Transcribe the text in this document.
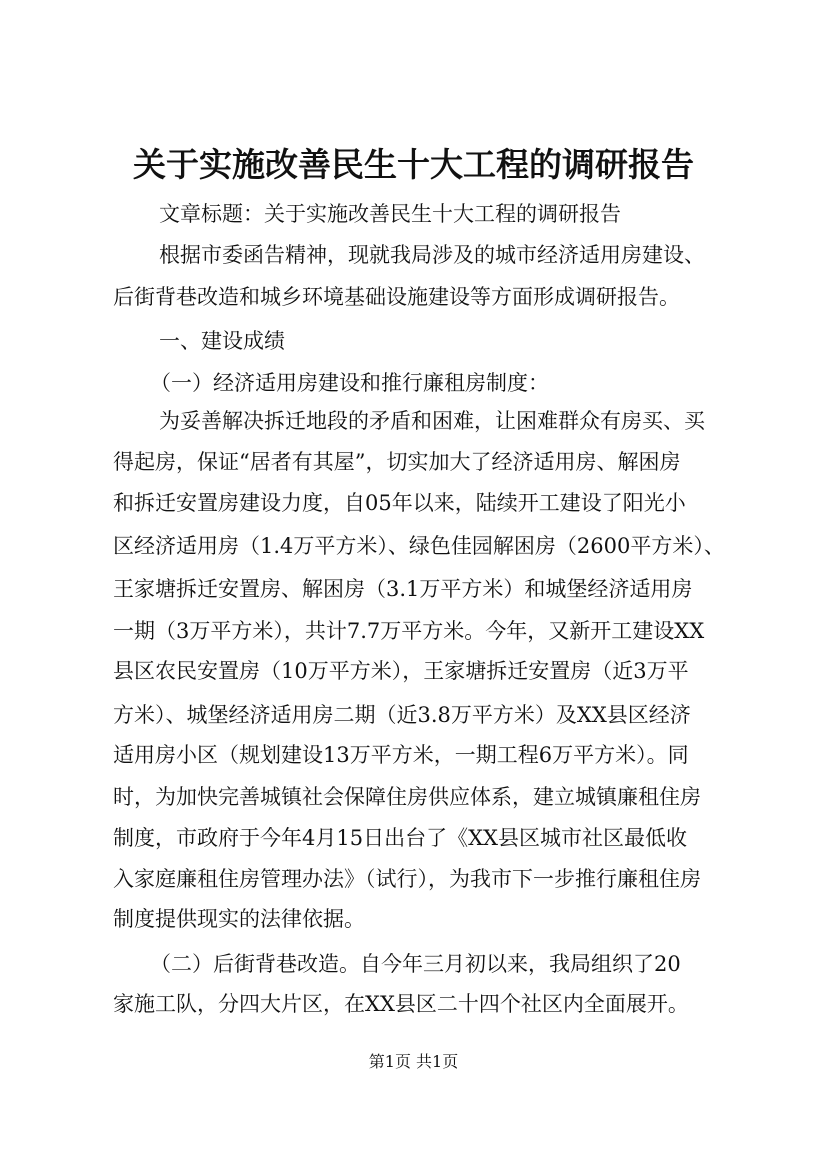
关于实施改善民生十大工程的调研报告
文章标题：关于实施改善民生十大工程的调研报告
根据市委函告精神，现就我局涉及的城市经济适用房建设、
后街背巷改造和城乡环境基础设施建设等方面形成调研报告。
一、建设成绩
（一）经济适用房建设和推行廉租房制度：
为妥善解决拆迁地段的矛盾和困难，让困难群众有房买、买
得起房，保证“居者有其屋”，切实加大了经济适用房、解困房
和拆迁安置房建设力度，自05年以来，陆续开工建设了阳光小
区经济适用房（1.4万平方米）、绿色佳园解困房（2600平方米）、
王家塘拆迁安置房、解困房（3.1万平方米）和城堡经济适用房
一期（3万平方米），共计7.7万平方米。今年，又新开工建设XX
县区农民安置房（10万平方米），王家塘拆迁安置房（近3万平
方米）、城堡经济适用房二期（近3.8万平方米）及XX县区经济
适用房小区（规划建设13万平方米，一期工程6万平方米）。同
时，为加快完善城镇社会保障住房供应体系，建立城镇廉租住房
制度，市政府于今年4月15日出台了《XX县区城市社区最低收
入家庭廉租住房管理办法》（试行），为我市下一步推行廉租住房
制度提供现实的法律依据。
（二）后街背巷改造。自今年三月初以来，我局组织了20
家施工队，分四大片区，在XX县区二十四个社区内全面展开。
第1页 共1页
